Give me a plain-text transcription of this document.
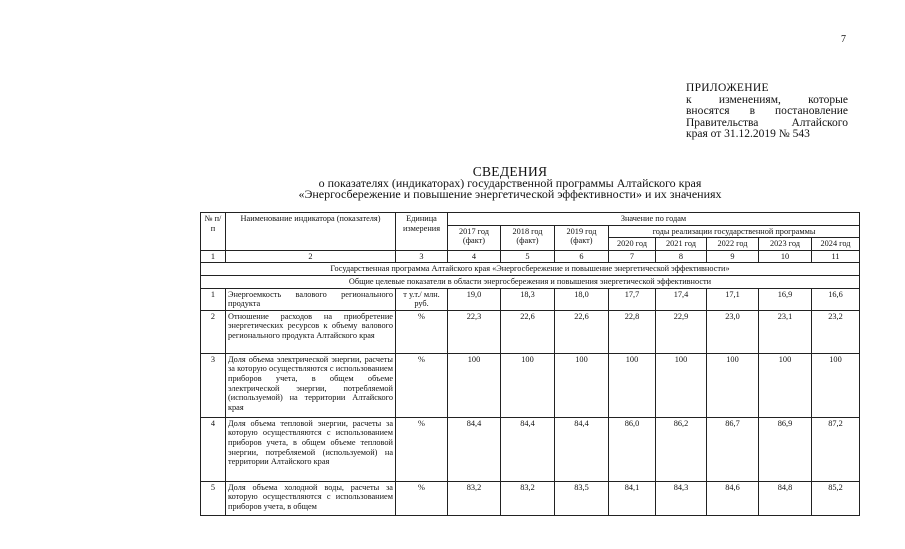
7
ПРИЛОЖЕНИЕ
к изменениям, которые
вносятся в постановление
Правительства Алтайского
края от 31.12.2019 № 543
СВЕДЕНИЯ
о показателях (индикаторах) государственной программы Алтайского края
«Энергосбережение и повышение энергетической эффективности» и их значениях
№ п/п	Наименование индикатора (показателя)	Единица измерения	Значение по годам							
			2017 год (факт)	2018 год (факт)	2019 год (факт)	годы реализации государственной программы				
						2020 год	2021 год	2022 год	2023 год	2024 год
1	2	3	4	5	6	7	8	9	10	11
Государственная программа Алтайского края «Энергосбережение и повышение энергетической эффективности»										
Общие целевые показатели в области энергосбережения и повышения энергетической эффективности										
1	Энергоемкость валового регионального продукта	т у.т./ млн. руб.	19,0	18,3	18,0	17,7	17,4	17,1	16,9	16,6
2	Отношение расходов на приобретение энергетических ресурсов к объему валового регионального продукта Алтайского края	%	22,3	22,6	22,6	22,8	22,9	23,0	23,1	23,2
3	Доля объема электрической энергии, расчеты за которую осуществляются с использованием приборов учета, в общем объеме электрической энергии, потребляемой (используемой) на территории Алтайского края	%	100	100	100	100	100	100	100	100
4	Доля объема тепловой энергии, расчеты за которую осуществляются с использованием приборов учета, в общем объеме тепловой энергии, потребляемой (используемой) на территории Алтайского края	%	84,4	84,4	84,4	86,0	86,2	86,7	86,9	87,2
5	Доля объема холодной воды, расчеты за которую осуществляются с использованием приборов учета, в общем	%	83,2	83,2	83,5	84,1	84,3	84,6	84,8	85,2
